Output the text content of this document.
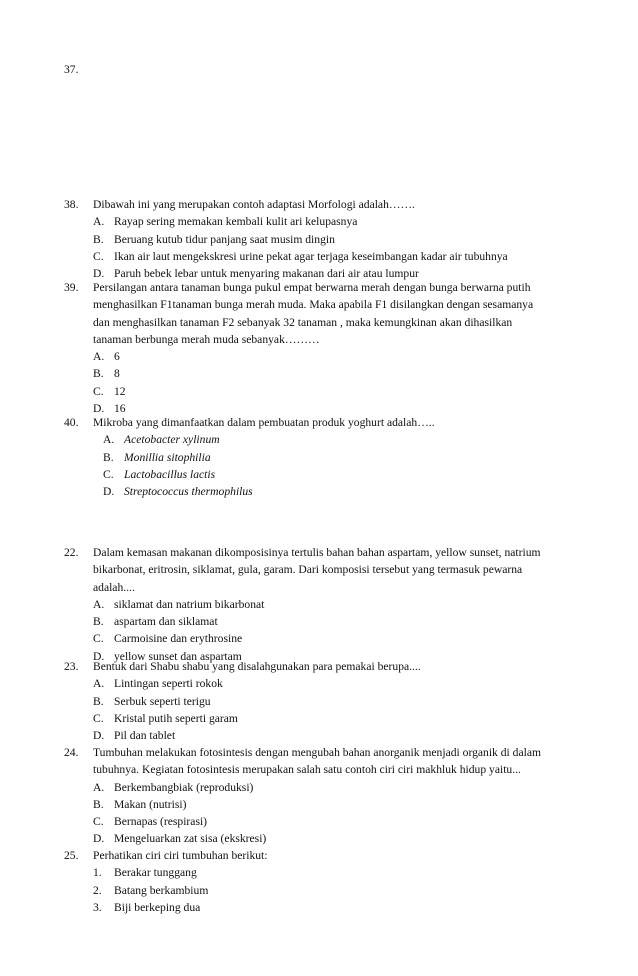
37.
38. Dibawah ini yang merupakan contoh adaptasi Morfologi adalah…….
A. Rayap sering memakan kembali kulit ari kelupasnya
B. Beruang kutub tidur panjang saat musim dingin
C. Ikan air laut mengekskresi urine pekat agar terjaga keseimbangan kadar air tubuhnya
D. Paruh bebek lebar untuk menyaring makanan dari air atau lumpur
39. Persilangan antara tanaman bunga pukul empat berwarna merah dengan bunga berwarna putih
menghasilkan F1tanaman bunga merah muda. Maka apabila F1 disilangkan dengan sesamanya
dan menghasilkan tanaman F2 sebanyak 32 tanaman , maka kemungkinan akan dihasilkan
tanaman berbunga merah muda sebanyak………
A. 6
B. 8
C. 12
D. 16
40. Mikroba yang dimanfaatkan dalam pembuatan produk yoghurt adalah…..
A. Acetobacter xylinum
B. Monillia sitophilia
C. Lactobacillus lactis
D. Streptococcus thermophilus
22. Dalam kemasan makanan dikomposisinya tertulis bahan bahan aspartam, yellow sunset, natrium
bikarbonat, eritrosin, siklamat, gula, garam. Dari komposisi tersebut yang termasuk pewarna
adalah....
A. siklamat dan natrium bikarbonat
B. aspartam dan siklamat
C. Carmoisine dan erythrosine
D. yellow sunset dan aspartam
23. Bentuk dari Shabu shabu yang disalahgunakan para pemakai berupa....
A. Lintingan seperti rokok
B. Serbuk seperti terigu
C. Kristal putih seperti garam
D. Pil dan tablet
24. Tumbuhan melakukan fotosintesis dengan mengubah bahan anorganik menjadi organik di dalam
tubuhnya. Kegiatan fotosintesis merupakan salah satu contoh ciri ciri makhluk hidup yaitu...
A. Berkembangbiak (reproduksi)
B. Makan (nutrisi)
C. Bernapas (respirasi)
D. Mengeluarkan zat sisa (ekskresi)
25. Perhatikan ciri ciri tumbuhan berikut:
1. Berakar tunggang
2. Batang berkambium
3. Biji berkeping dua
